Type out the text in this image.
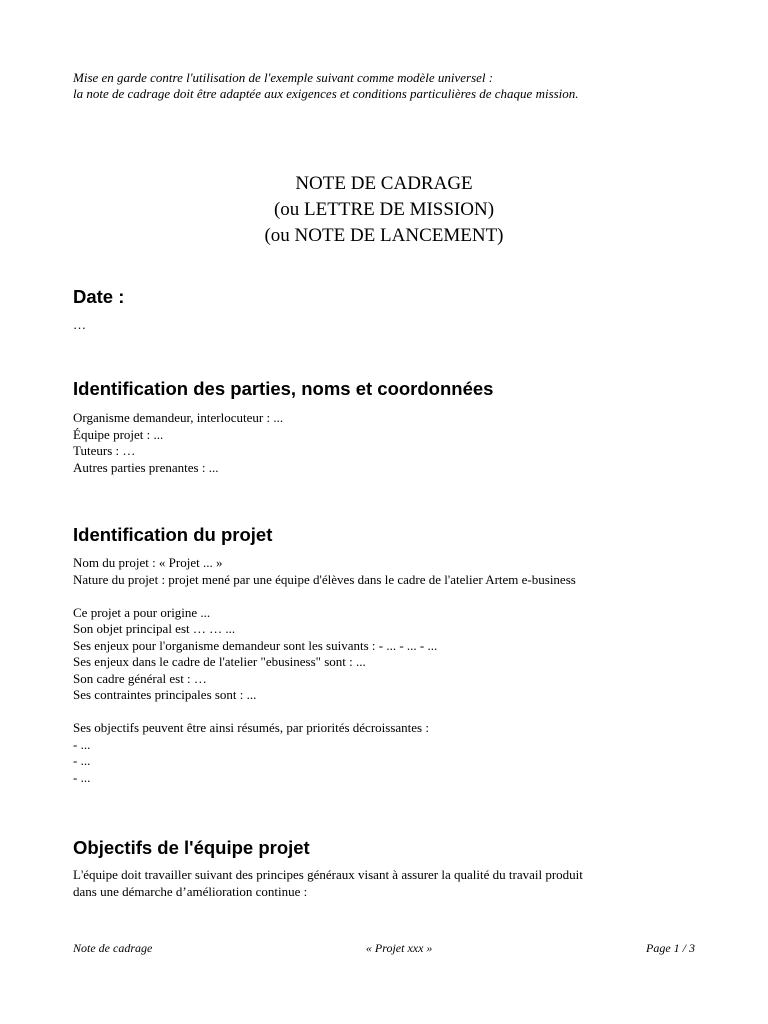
Mise en garde contre l'utilisation de l'exemple suivant comme modèle universel :
la note de cadrage doit être adaptée aux exigences et conditions particulières de chaque mission.
NOTE DE CADRAGE
(ou LETTRE DE MISSION)
(ou NOTE DE LANCEMENT)
Date :
…
Identification des parties, noms et coordonnées
Organisme demandeur, interlocuteur : ...
Équipe projet : ...
Tuteurs : …
Autres parties prenantes : ...
Identification du projet
Nom du projet : « Projet ... »
Nature du projet : projet mené par une équipe d'élèves dans le cadre de l'atelier Artem e-business
Ce projet a pour origine ...
Son objet principal est … … ...
Ses enjeux pour l'organisme demandeur sont les suivants : - ... - ... - ...
Ses enjeux dans le cadre de l'atelier "ebusiness" sont : ...
Son cadre général est : …
Ses contraintes principales sont : ...
Ses objectifs peuvent être ainsi résumés, par priorités décroissantes :
- ...
- ...
- ...
Objectifs de l'équipe projet
L'équipe doit travailler suivant des principes généraux visant à assurer la qualité du travail produit
dans une démarche d’amélioration continue :
Note de cadrage	« Projet xxx »	Page 1 / 3
